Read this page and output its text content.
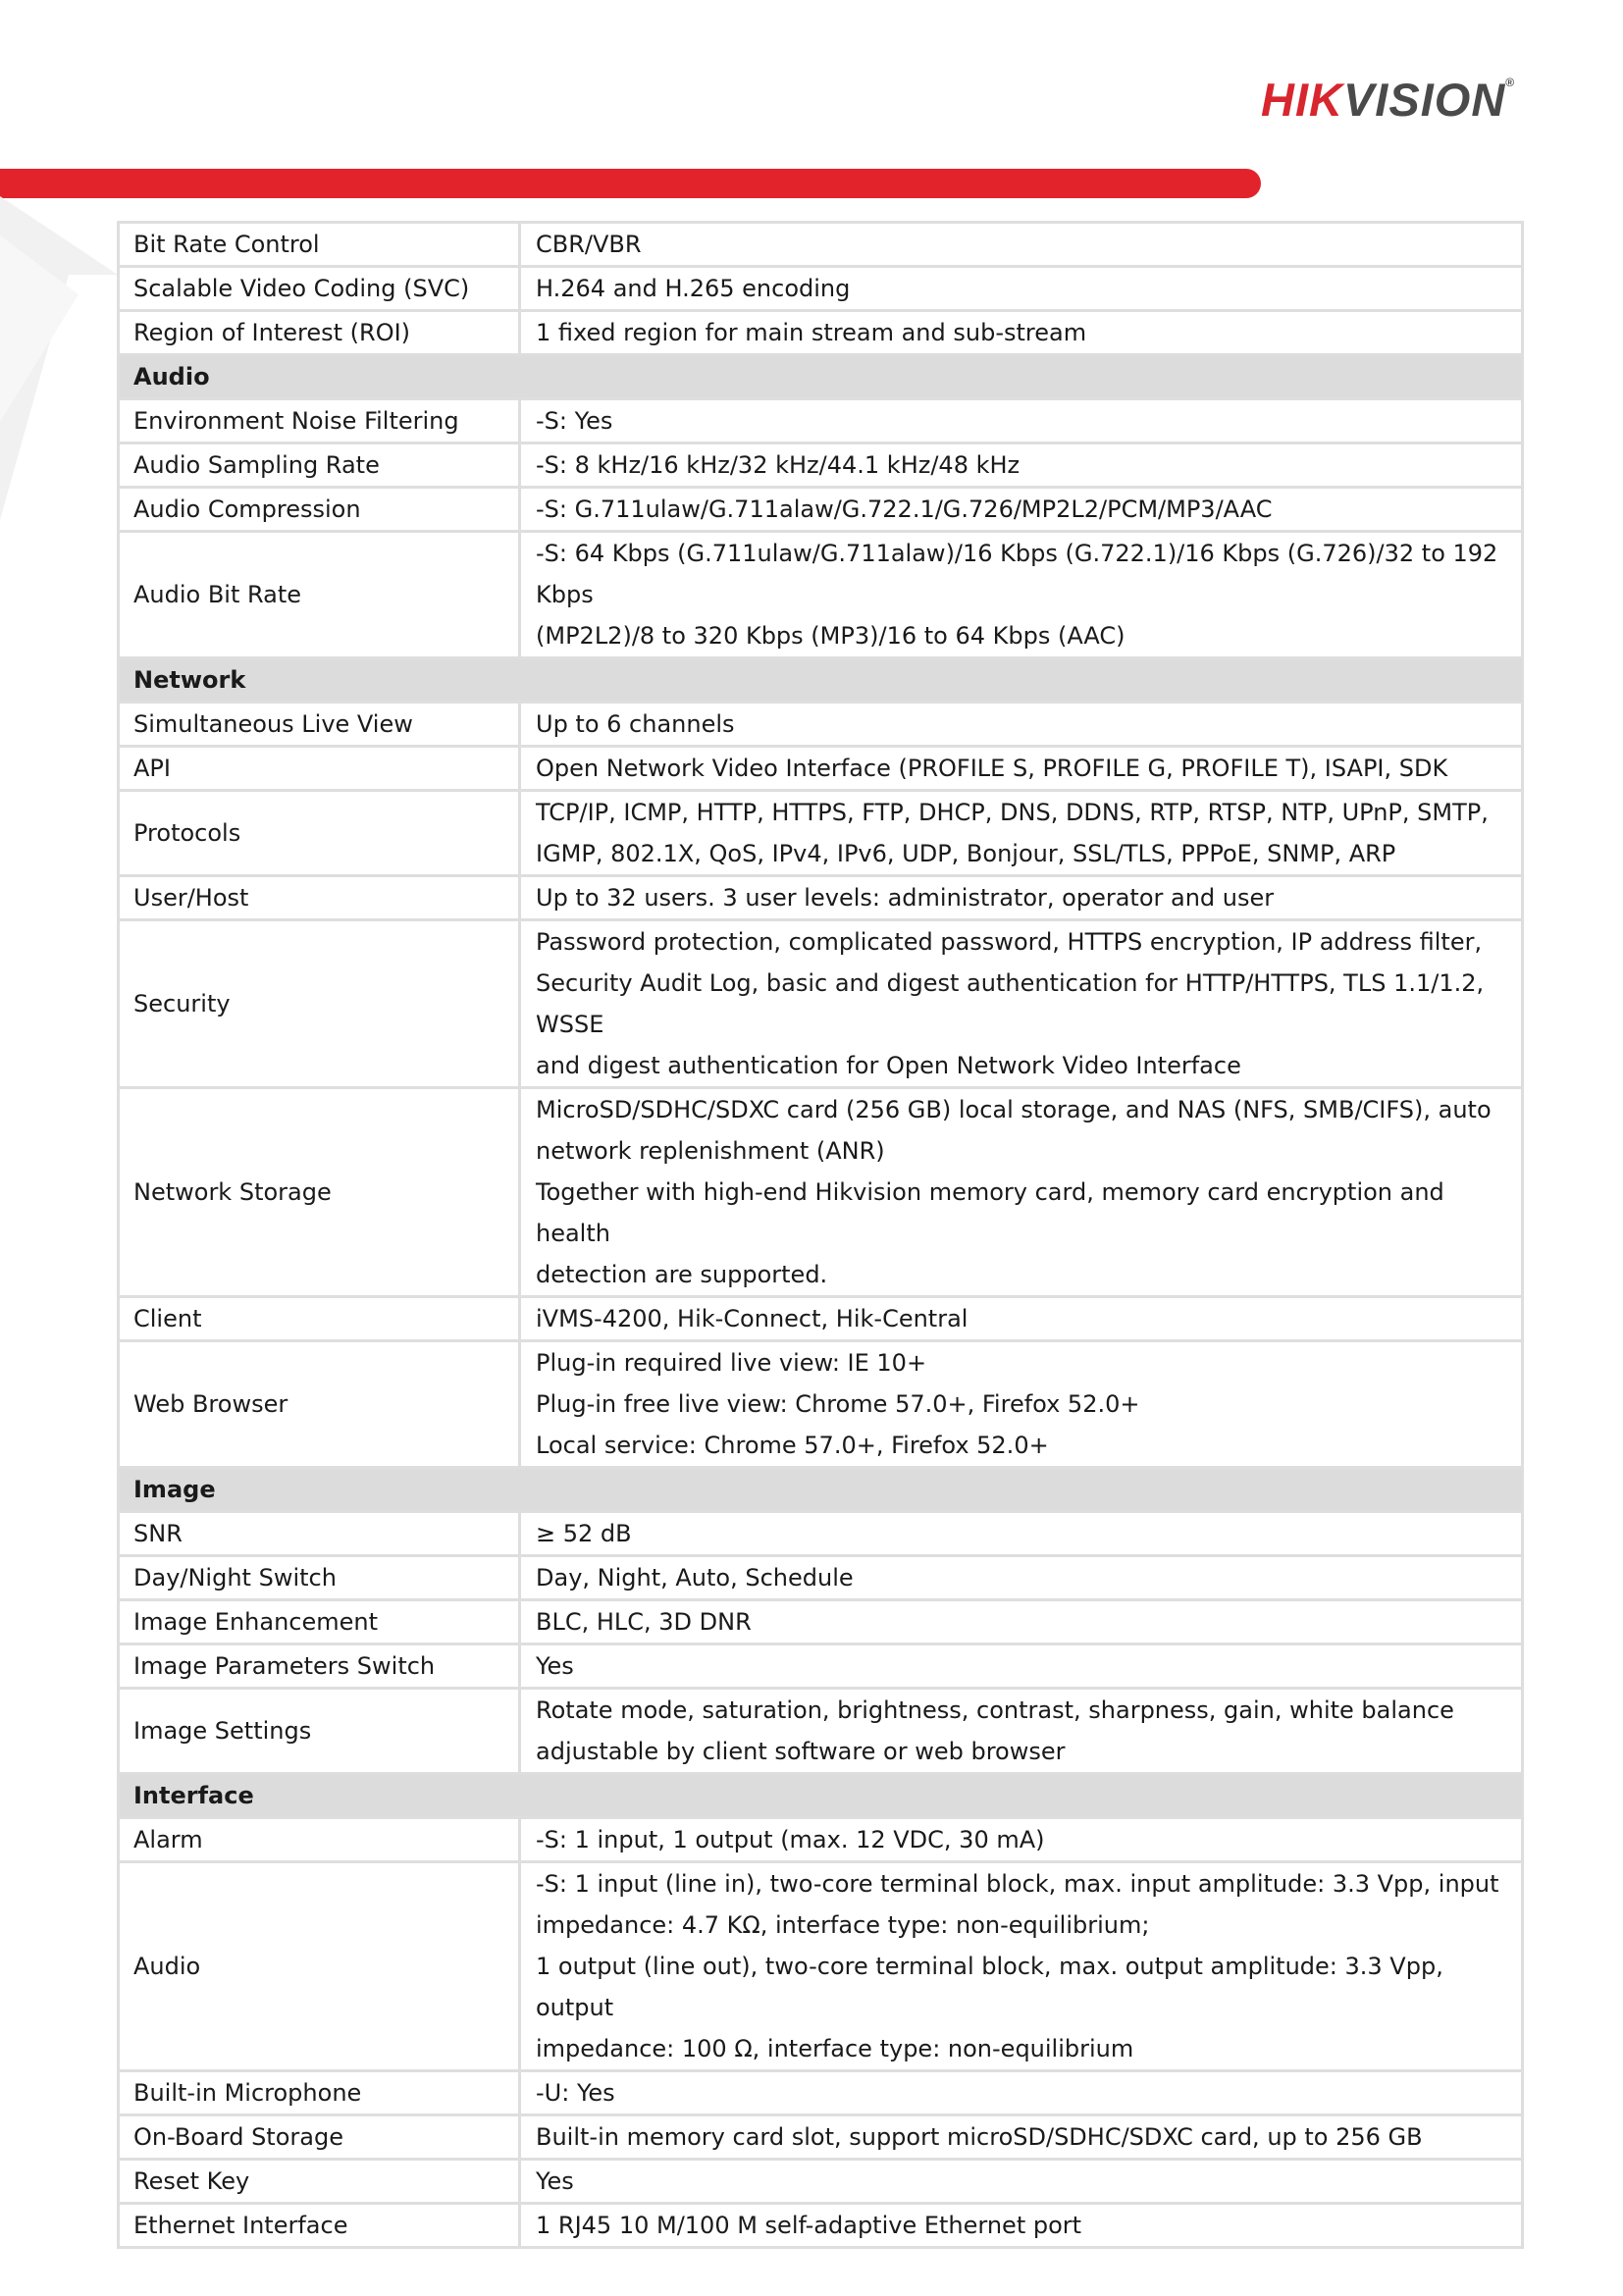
HIKVISION®
Bit Rate Control	CBR/VBR

Scalable Video Coding (SVC)	H.264 and H.265 encoding

Region of Interest (ROI)	1 fixed region for main stream and sub-stream

Audio	
Environment Noise Filtering	-S: Yes

Audio Sampling Rate	-S: 8 kHz/16 kHz/32 kHz/44.1 kHz/48 kHz

Audio Compression	-S: G.711ulaw/G.711alaw/G.722.1/G.726/MP2L2/PCM/MP3/AAC

Audio Bit Rate	-S: 64 Kbps (G.711ulaw/G.711alaw)/16 Kbps (G.722.1)/16 Kbps (G.726)/32 to 192 Kbps
(MP2L2)/8 to 320 Kbps (MP3)/16 to 64 Kbps (AAC)

Network	
Simultaneous Live View	Up to 6 channels

API	Open Network Video Interface (PROFILE S, PROFILE G, PROFILE T), ISAPI, SDK

Protocols	TCP/IP, ICMP, HTTP, HTTPS, FTP, DHCP, DNS, DDNS, RTP, RTSP, NTP, UPnP, SMTP,
IGMP, 802.1X, QoS, IPv4, IPv6, UDP, Bonjour, SSL/TLS, PPPoE, SNMP, ARP

User/Host	Up to 32 users. 3 user levels: administrator, operator and user

Security	Password protection, complicated password, HTTPS encryption, IP address filter,
Security Audit Log, basic and digest authentication for HTTP/HTTPS, TLS 1.1/1.2, WSSE
and digest authentication for Open Network Video Interface

Network Storage	MicroSD/SDHC/SDXC card (256 GB) local storage, and NAS (NFS, SMB/CIFS), auto
network replenishment (ANR)
Together with high-end Hikvision memory card, memory card encryption and health
detection are supported.

Client	iVMS-4200, Hik-Connect, Hik-Central

Web Browser	Plug-in required live view: IE 10+
Plug-in free live view: Chrome 57.0+, Firefox 52.0+
Local service: Chrome 57.0+, Firefox 52.0+

Image	
SNR	≥ 52 dB

Day/Night Switch	Day, Night, Auto, Schedule

Image Enhancement	BLC, HLC, 3D DNR

Image Parameters Switch	Yes

Image Settings	Rotate mode, saturation, brightness, contrast, sharpness, gain, white balance
adjustable by client software or web browser

Interface	
Alarm	-S: 1 input, 1 output (max. 12 VDC, 30 mA)

Audio	-S: 1 input (line in), two-core terminal block, max. input amplitude: 3.3 Vpp, input
impedance: 4.7 KΩ, interface type: non-equilibrium;
1 output (line out), two-core terminal block, max. output amplitude: 3.3 Vpp, output
impedance: 100 Ω, interface type: non-equilibrium

Built-in Microphone	-U: Yes

On-Board Storage	Built-in memory card slot, support microSD/SDHC/SDXC card, up to 256 GB

Reset Key	Yes

Ethernet Interface	1 RJ45 10 M/100 M self-adaptive Ethernet port
